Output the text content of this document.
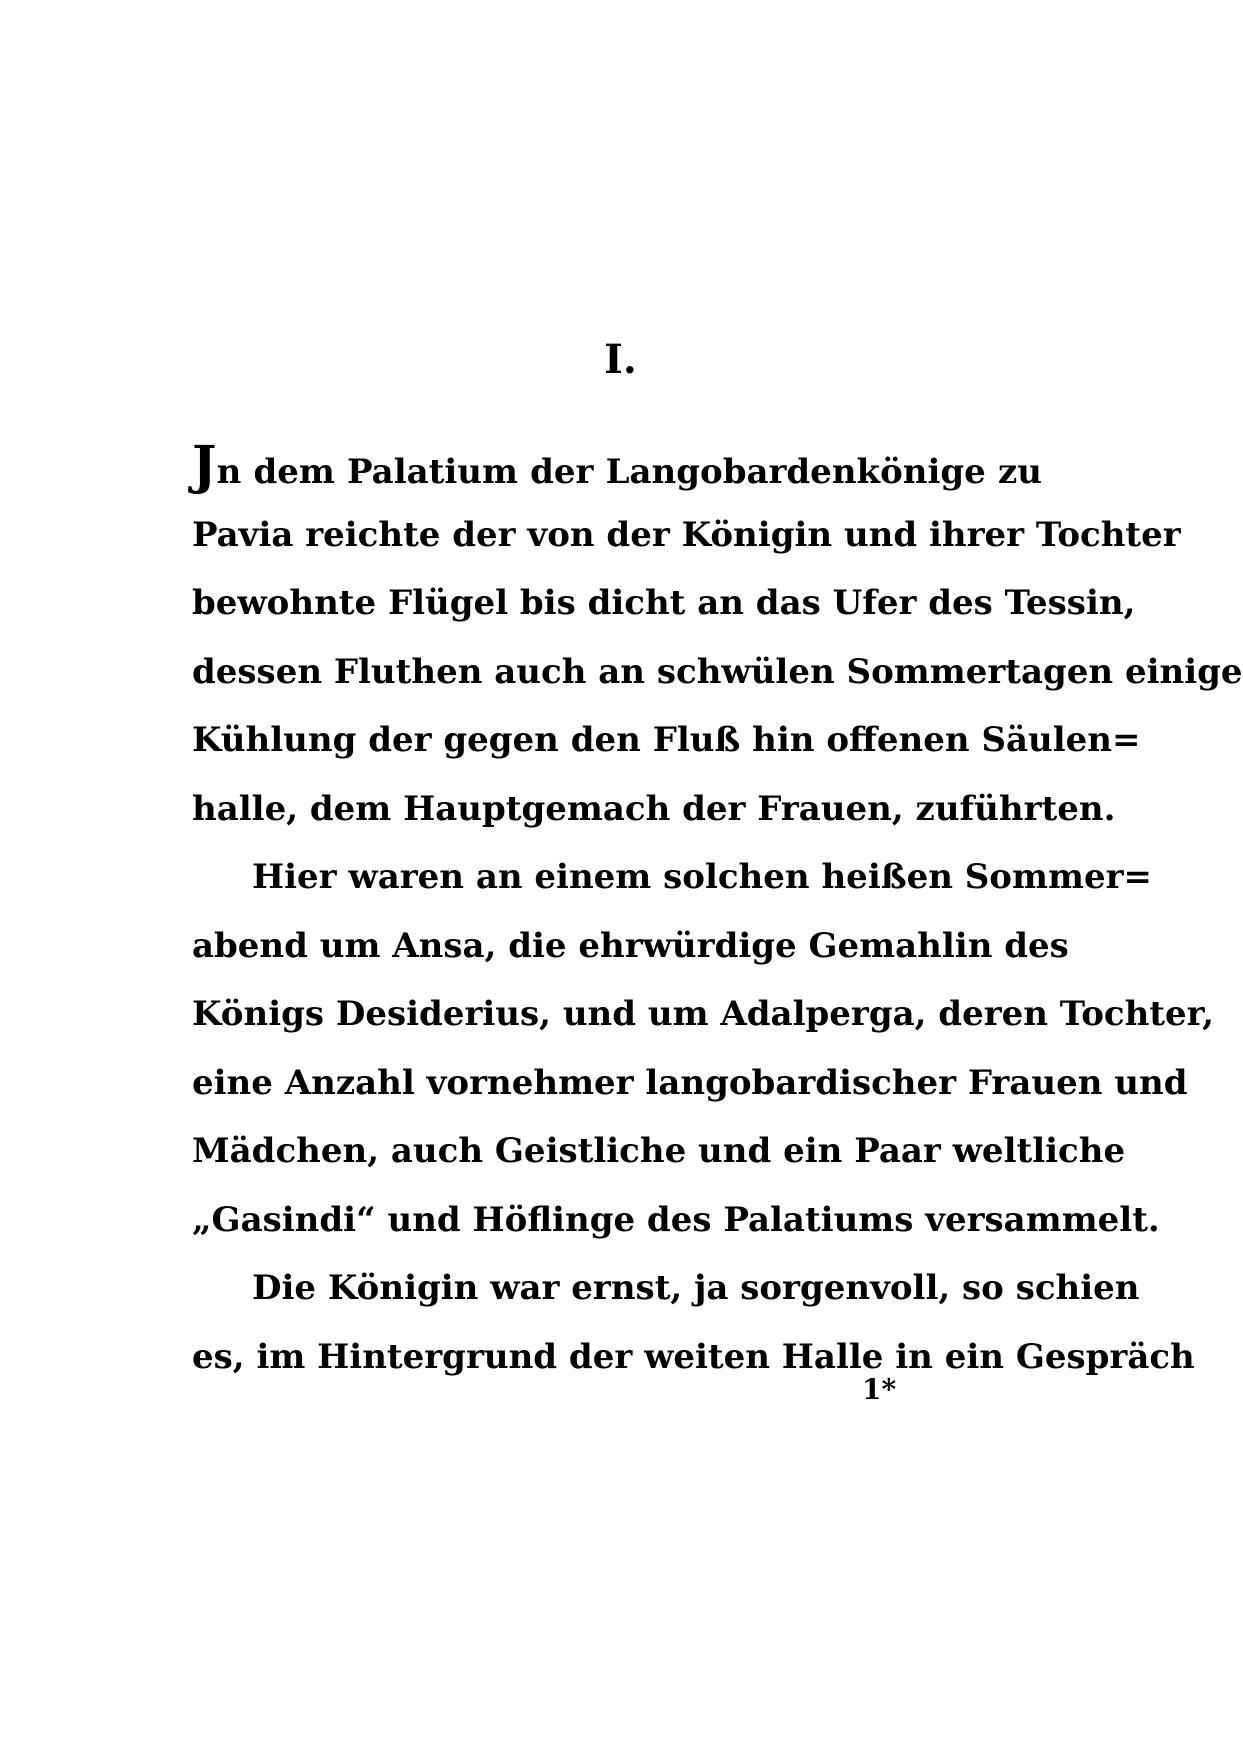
I.
Jn dem Palatium der Langobardenkönige zu
Pavia reichte der von der Königin und ihrer Tochter
bewohnte Flügel bis dicht an das Ufer des Tessin,
dessen Fluthen auch an schwülen Sommertagen einige
Kühlung der gegen den Fluß hin offenen Säulen=
halle, dem Hauptgemach der Frauen, zuführten.
Hier waren an einem solchen heißen Sommer=
abend um Ansa, die ehrwürdige Gemahlin des
Königs Desiderius, und um Adalperga, deren Tochter,
eine Anzahl vornehmer langobardischer Frauen und
Mädchen, auch Geistliche und ein Paar weltliche
„Gasindi“ und Höflinge des Palatiums versammelt.
Die Königin war ernst, ja sorgenvoll, so schien
es, im Hintergrund der weiten Halle in ein Gespräch
1*
